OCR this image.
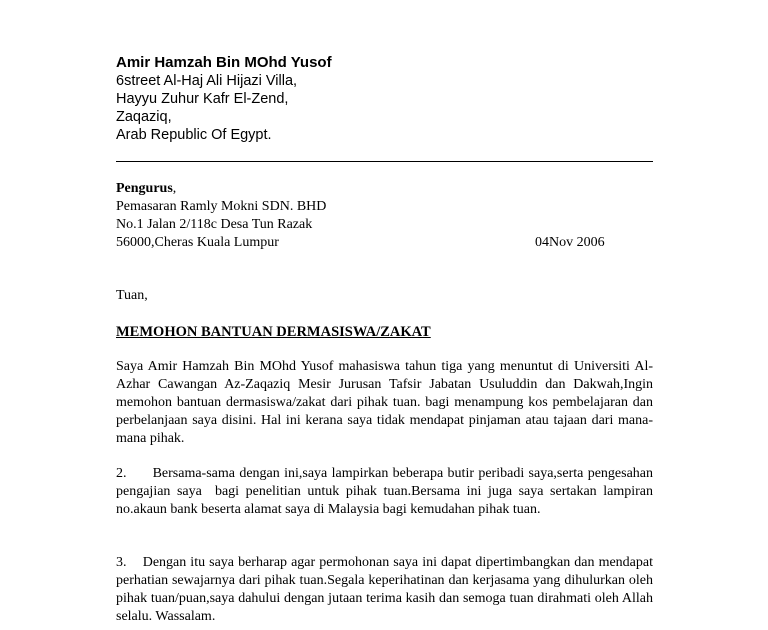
Amir Hamzah Bin MOhd Yusof
6street Al-Haj Ali Hijazi Villa,
Hayyu Zuhur Kafr El-Zend,
Zaqaziq,
Arab Republic Of Egypt.
Pengurus,
Pemasaran Ramly Mokni SDN. BHD
No.1 Jalan 2/118c Desa Tun Razak
56000,Cheras Kuala Lumpur	04Nov 2006
Tuan,
MEMOHON BANTUAN DERMASISWA/ZAKAT

Saya Amir Hamzah Bin MOhd Yusof mahasiswa tahun tiga yang menuntut di Universiti Al-Azhar Cawangan Az-Zaqaziq Mesir Jurusan Tafsir Jabatan Usuluddin dan Dakwah,Ingin memohon bantuan dermasiswa/zakat dari pihak tuan. bagi menampung kos pembelajaran dan perbelanjaan saya disini. Hal ini kerana saya tidak mendapat pinjaman atau tajaan dari mana-mana pihak.

2.      Bersama-sama dengan ini,saya lampirkan beberapa butir peribadi saya,serta pengesahan pengajian saya  bagi penelitian untuk pihak tuan.Bersama ini juga saya sertakan lampiran no.akaun bank beserta alamat saya di Malaysia bagi kemudahan pihak tuan.

3.    Dengan itu saya berharap agar permohonan saya ini dapat dipertimbangkan dan mendapat perhatian sewajarnya dari pihak tuan.Segala keperihatinan dan kerjasama yang dihulurkan oleh pihak tuan/puan,saya dahului dengan jutaan terima kasih dan semoga tuan dirahmati oleh Allah selalu. Wassalam.
